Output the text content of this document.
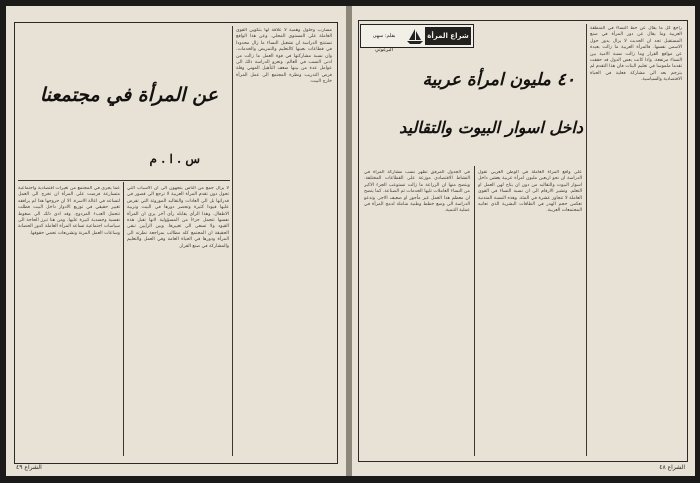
عن المرأة في مجتمعنا
س . ا . م
مسارب وحلول وهمية لا علاقة لها بتكوين القوى العاملة على المستوى المحلي. وعن هذا الواقع تستنتج الدراسة ان تشغيل النساء ما زال محدودا في قطاعات بعينها كالتعليم والتمريض والخدمات. وان نسبة مشاركتها في قوة العمل ما زالت من ادنى النسب في العالم. وتعزو الدراسة ذلك الى عوامل عدة من بينها ضعف التأهيل المهني وقلة فرص التدريب ونظرة المجتمع الى عمل المرأة خارج البيت.
لا يزال جمع من الناس يتجهون الى ان الاسباب التي تحول دون تقدم المرأة العربية لا ترجع الى قصور في قدراتها بل الى العادات والتقاليد الموروثة التي تفرض عليها قيودا كثيرة وتحصر دورها في البيت وتربية الاطفال. وهذا الرأي يقابله رأي آخر يرى ان المرأة نفسها تتحمل جزءا من المسؤولية لانها تقبل هذه القيود ولا تسعى الى تغييرها. وبين الرأيين تبقى الحقيقة ان المجتمع كله مطالب بمراجعة نظرته الى المرأة ودورها في الحياة العامة وفي العمل والتعليم والمشاركة في صنع القرار.
عما يجري في المجتمع من تغيرات اقتصادية واجتماعية متسارعة فرضت على المرأة ان تخرج الى العمل لتساعد في اعالة الاسرة. الا ان خروجها هذا لم يرافقه تغيير حقيقي في توزيع الادوار داخل البيت فظلت تتحمل العبء المزدوج. وقد ادى ذلك الى ضغوط نفسية وجسدية كبيرة عليها. ومن هنا تبرز الحاجة الى سياسات اجتماعية تساعد المرأة العاملة كدور الحضانة وساعات العمل المرنة وتشريعات تحمي حقوقها.
الشراع ٤٩
شراع المرأة
بقلم: سهى البرغوثي
٤٠ مليون امرأة عربية
داخل اسوار البيوت والتقاليد
راجع كل ما يقال عن حظ النساء في المنطقة العربية وما يقال عن دور المرأة في صنع المستقبل تجد ان الحديث لا يزال يدور حول الاسس نفسها. فالمرأة العربية ما زالت بعيدة عن مواقع القرار وما زالت نسبة الامية بين النساء مرتفعة. واذا كانت بعض الدول قد حققت تقدما ملموسا في تعليم البنات فان هذا التقدم لم يترجم بعد الى مشاركة فعلية في الحياة الاقتصادية والسياسية.
على واقع المرأة العاملة في الوطن العربي تقول الدراسة ان نحو اربعين مليون امرأة عربية يعشن داخل اسوار البيوت والتقاليد من دون ان يتاح لهن العمل او التعلم. وتشير الارقام الى ان نسبة النساء في القوى العاملة لا تتجاوز عشرة في المئة. وهذه النسبة المتدنية تعكس حجم الهدر في الطاقات البشرية الذي تعانيه المجتمعات العربية.
في الجدول المرفق تظهر نسب مشاركة المرأة في النشاط الاقتصادي موزعة على القطاعات المختلفة. ويتضح منها ان الزراعة ما زالت تستوعب الجزء الاكبر من النساء العاملات تليها الخدمات ثم الصناعة. كما يتضح ان معظم هذا العمل غير مأجور او ضعيف الاجر. وتدعو الدراسة الى وضع خطط وطنية شاملة لدمج المرأة في عملية التنمية.
الشراع ٤٨
